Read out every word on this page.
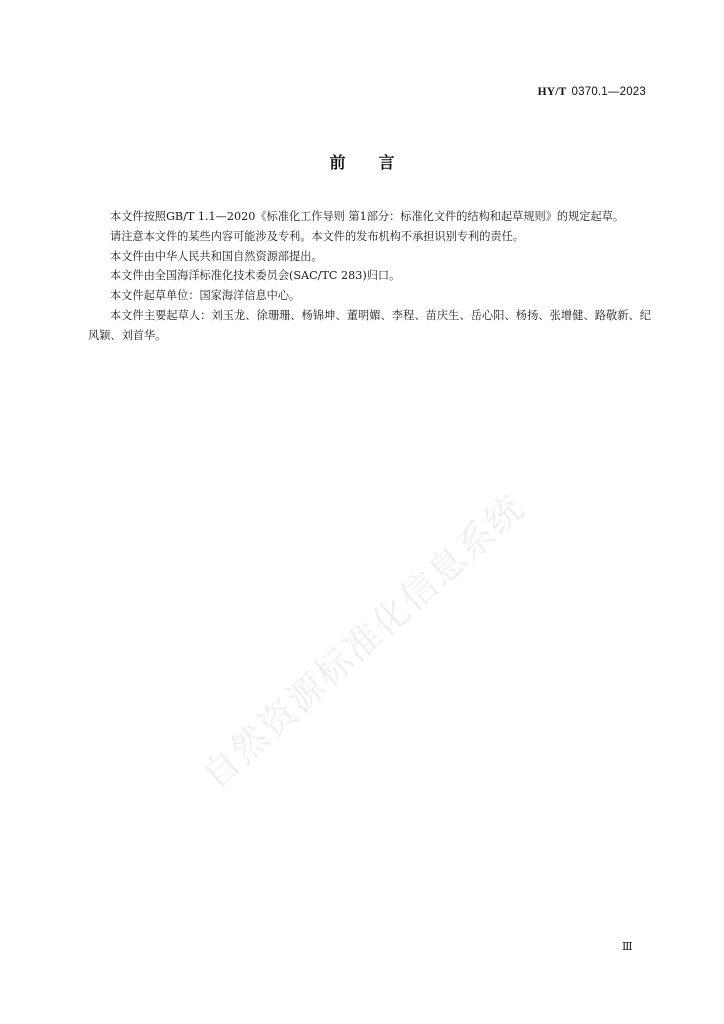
HY/T 0370.1—2023
前言

本文件按照GB/T 1.1—2020《标准化工作导则 第1部分：标准化文件的结构和起草规则》的规定起草。

请注意本文件的某些内容可能涉及专利。本文件的发布机构不承担识别专利的责任。

本文件由中华人民共和国自然资源部提出。

本文件由全国海洋标准化技术委员会(SAC/TC 283)归口。

本文件起草单位：国家海洋信息中心。

本文件主要起草人：刘玉龙、徐珊珊、杨锦坤、董明媚、李程、苗庆生、岳心阳、杨扬、张增健、路敬新、纪风颖、刘首华。

自然资源标准化信息系统
Ⅲ
